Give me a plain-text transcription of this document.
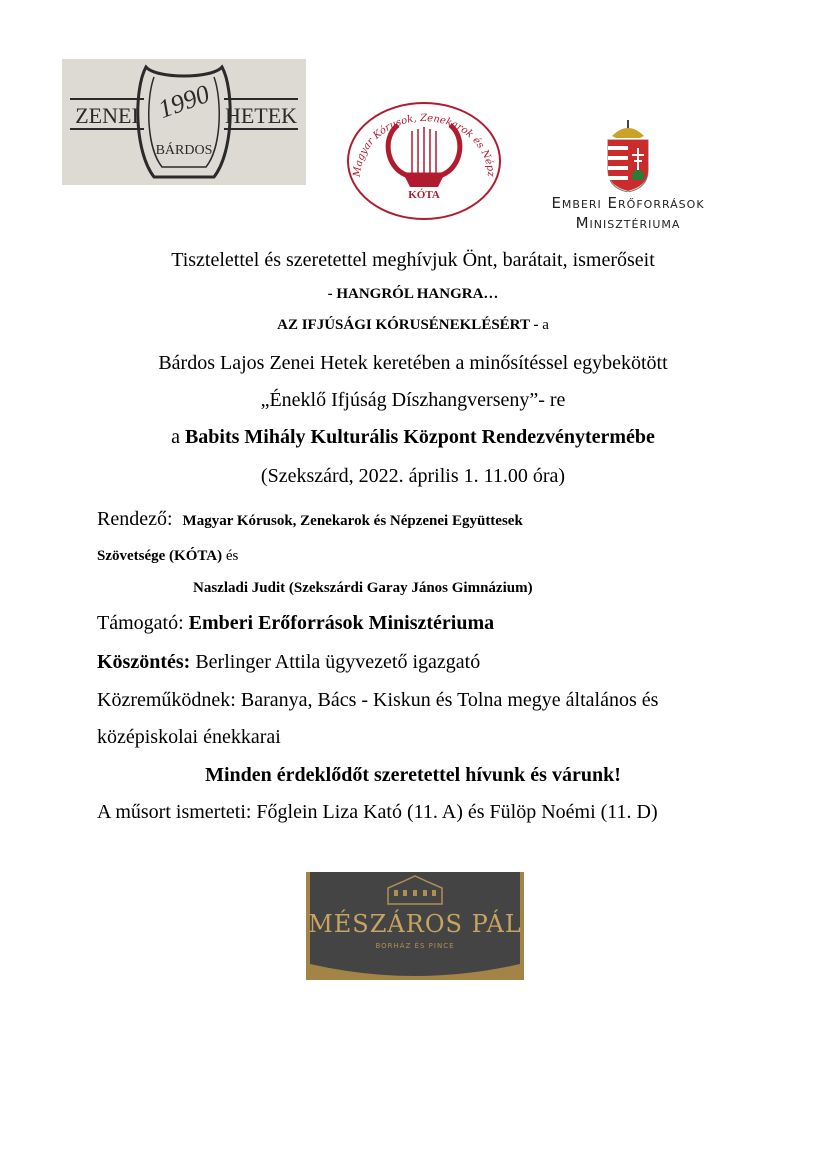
ZENEI	HETEK
1990
BÁRDOS
Magyar Kórusok, Zenekarok és Népz
KÓTA	Emberi Erőforrások
Minisztériuma
Tisztelettel és szeretettel meghívjuk Önt, barátait, ismerőseit
- HANGRÓL HANGRA…
AZ IFJÚSÁGI KÓRUSÉNEKLÉSÉRT - a
Bárdos Lajos Zenei Hetek keretében a minősítéssel egybekötött
„Éneklő Ifjúság Díszhangverseny”- re
a Babits Mihály Kulturális Központ Rendezvénytermébe
(Szekszárd, 2022. április 1. 11.00 óra)
Rendező: Magyar Kórusok, Zenekarok és Népzenei Együttesek
Szövetsége (KÓTA) és
Naszladi Judit (Szekszárdi Garay János Gimnázium)
Támogató: Emberi Erőforrások Minisztériuma
Köszöntés: Berlinger Attila ügyvezető igazgató
Közreműködnek: Baranya, Bács - Kiskun és Tolna megye általános és
középiskolai énekkarai
Minden érdeklődőt szeretettel hívunk és várunk!
A műsort ismerteti: Főglein Liza Kató (11. A) és Fülöp Noémi (11. D)
MÉSZÁROS PÁL
BORHÁZ ÉS PINCE
